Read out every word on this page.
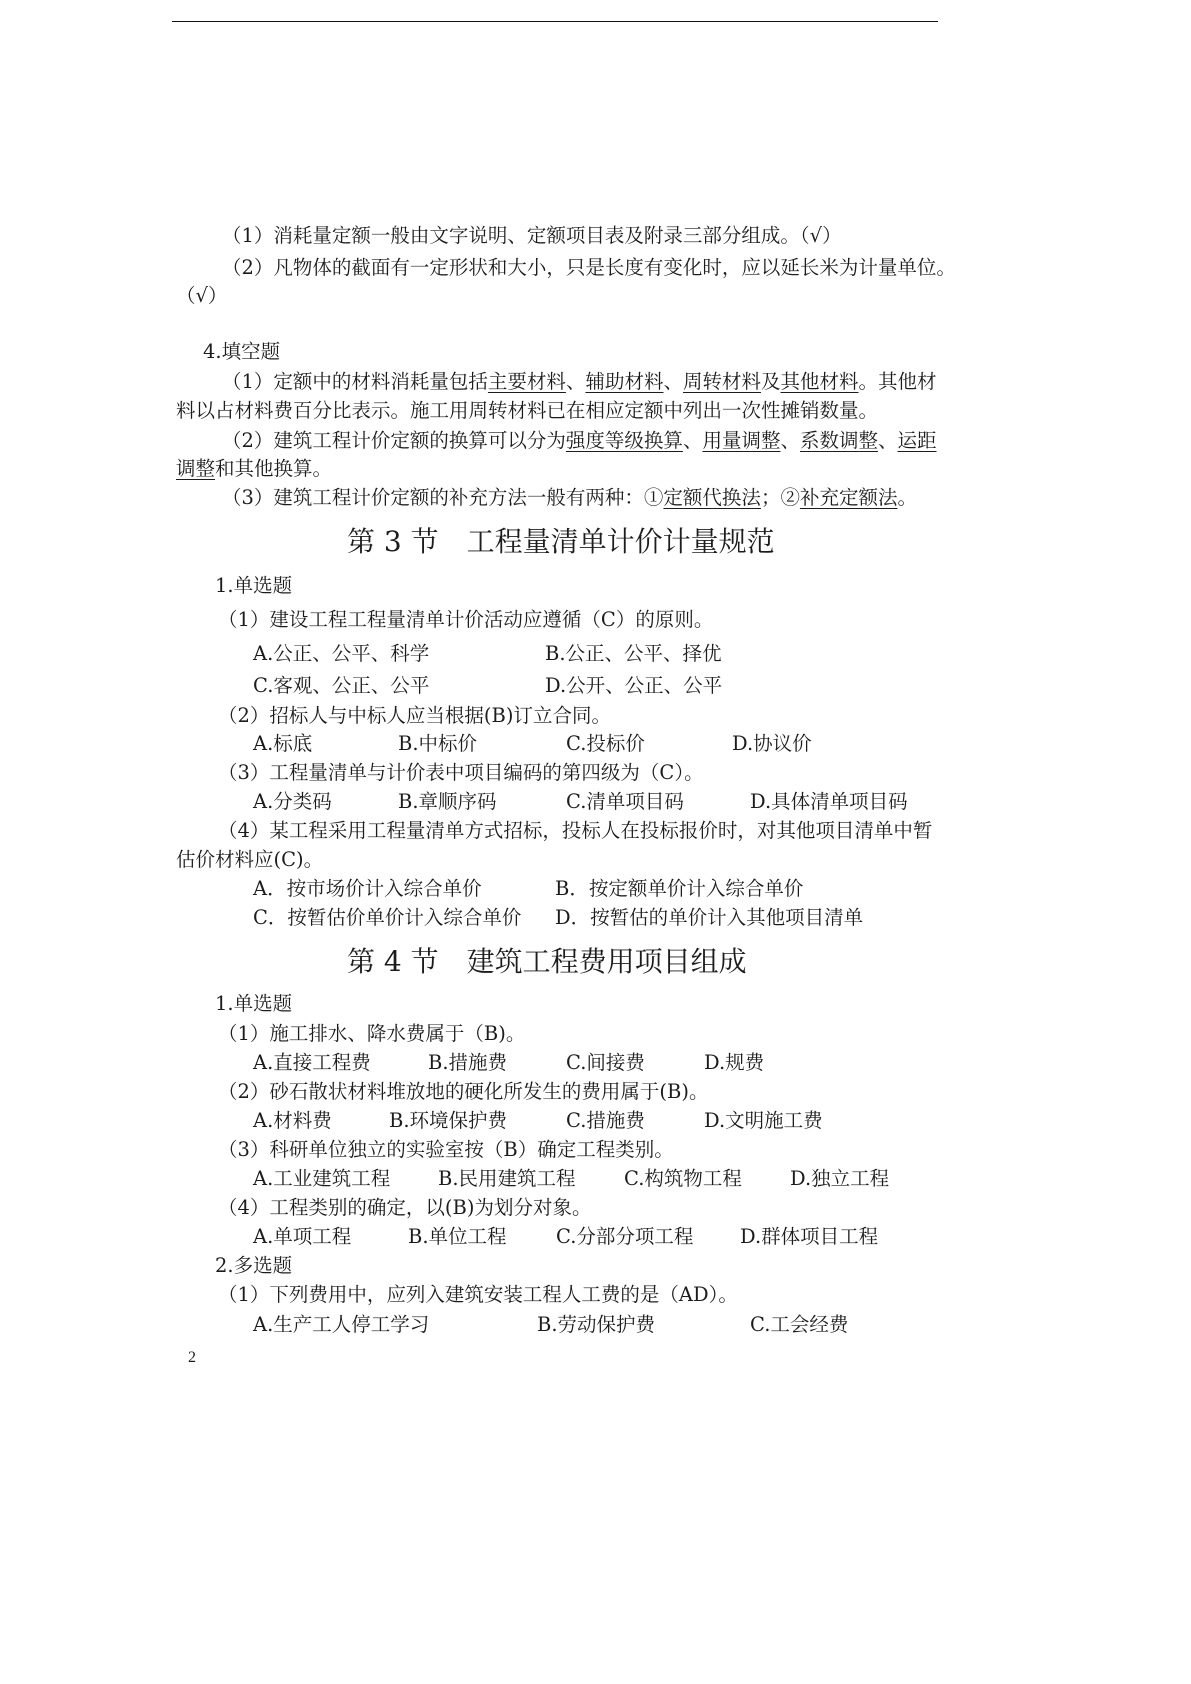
（1）消耗量定额一般由文字说明、定额项目表及附录三部分组成。（√）
（2）凡物体的截面有一定形状和大小，只是长度有变化时，应以延长米为计量单位。
（√）
4.填空题
（1）定额中的材料消耗量包括主要材料、辅助材料、周转材料及其他材料。其他材
料以占材料费百分比表示。施工用周转材料已在相应定额中列出一次性摊销数量。
（2）建筑工程计价定额的换算可以分为强度等级换算、用量调整、系数调整、运距
调整和其他换算。
（3）建筑工程计价定额的补充方法一般有两种：①定额代换法；②补充定额法。
第 3 节　工程量清单计价计量规范
1.单选题
（1）建设工程工程量清单计价活动应遵循（C）的原则。
A.公正、公平、科学	B.公正、公平、择优
C.客观、公正、公平	D.公开、公正、公平
（2）招标人与中标人应当根据(B)订立合同。
A.标底	B.中标价	C.投标价	D.协议价
（3）工程量清单与计价表中项目编码的第四级为（C）。
A.分类码	B.章顺序码	C.清单项目码	D.具体清单项目码
（4）某工程采用工程量清单方式招标，投标人在投标报价时，对其他项目清单中暂
估价材料应(C)。
A．按市场价计入综合单价	B．按定额单价计入综合单价
C．按暂估价单价计入综合单价 D．按暂估的单价计入其他项目清单
第 4 节　建筑工程费用项目组成
1.单选题
（1）施工排水、降水费属于（B)。
A.直接工程费	B.措施费	C.间接费	D.规费
（2）砂石散状材料堆放地的硬化所发生的费用属于(B)。
A.材料费	B.环境保护费	C.措施费	D.文明施工费
（3）科研单位独立的实验室按（B）确定工程类别。
A.工业建筑工程 B.民用建筑工程 C.构筑物工程 D.独立工程
（4）工程类别的确定，以(B)为划分对象。
A.单项工程	B.单位工程	C.分部分项工程 D.群体项目工程
2.多选题
（1）下列费用中，应列入建筑安装工程人工费的是（AD）。
A.生产工人停工学习	B.劳动保护费	C.工会经费
2
